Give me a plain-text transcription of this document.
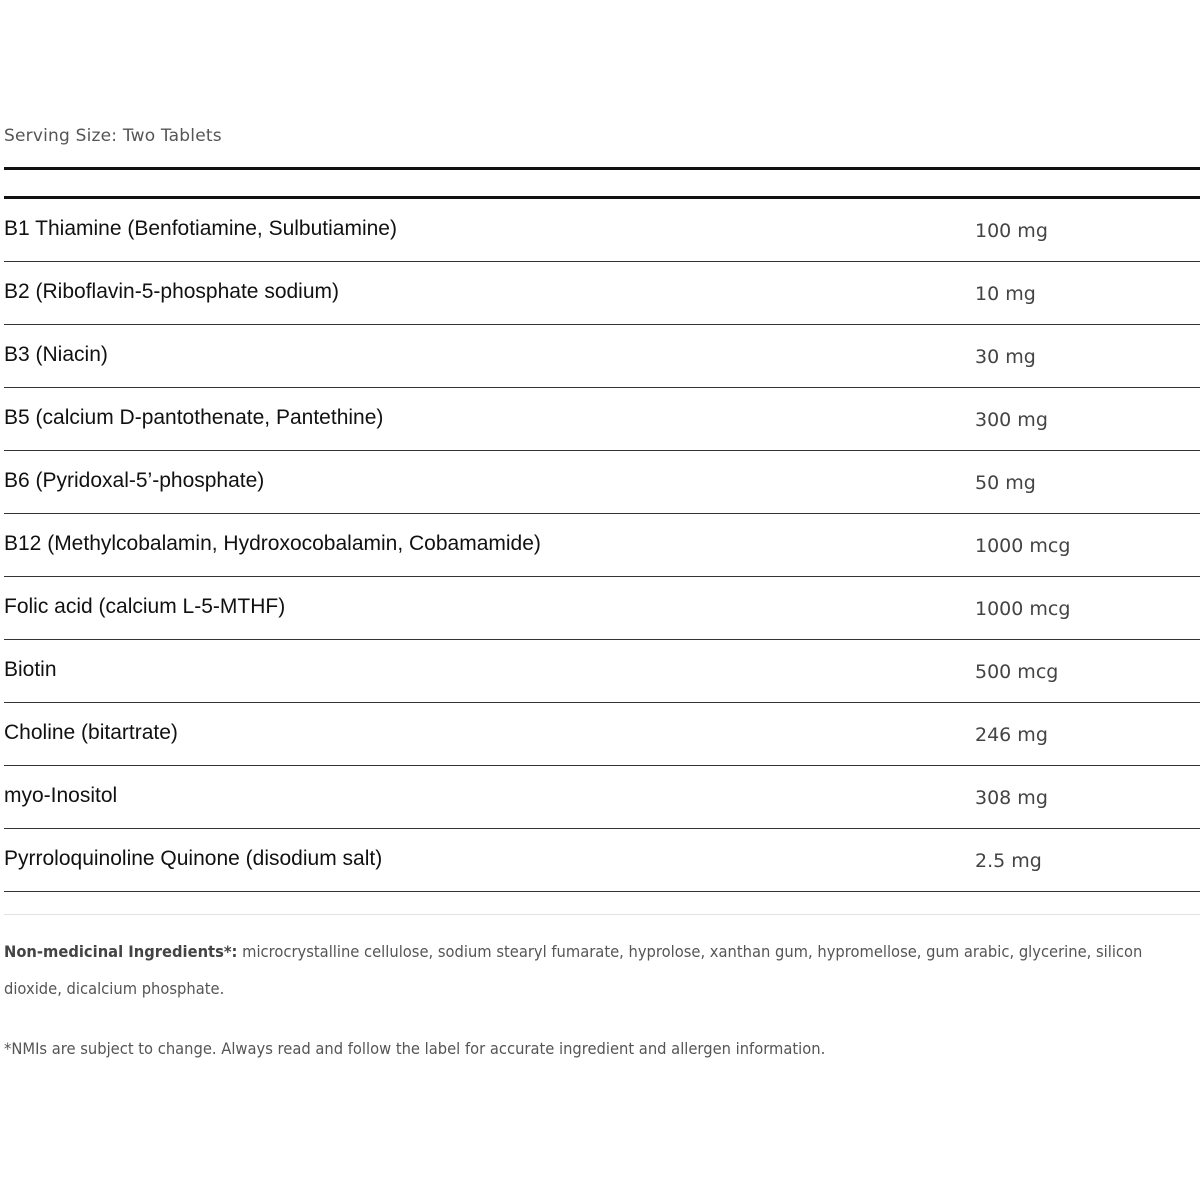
Serving Size: Two Tablets
B1 Thiamine (Benfotiamine, Sulbutiamine)	100 mg
B2 (Riboflavin-5-phosphate sodium)	10 mg
B3 (Niacin)	30 mg
B5 (calcium D-pantothenate, Pantethine)	300 mg
B6 (Pyridoxal-5’-phosphate)	50 mg
B12 (Methylcobalamin, Hydroxocobalamin, Cobamamide)	1000 mcg
Folic acid (calcium L-5-MTHF)	1000 mcg
Biotin	500 mcg
Choline (bitartrate)	246 mg
myo-Inositol	308 mg
Pyrroloquinoline Quinone (disodium salt)	2.5 mg
Non-medicinal Ingredients*: microcrystalline cellulose, sodium stearyl fumarate, hyprolose, xanthan gum, hypromellose, gum arabic, glycerine, silicon dioxide, dicalcium phosphate.
*NMIs are subject to change. Always read and follow the label for accurate ingredient and allergen information.
